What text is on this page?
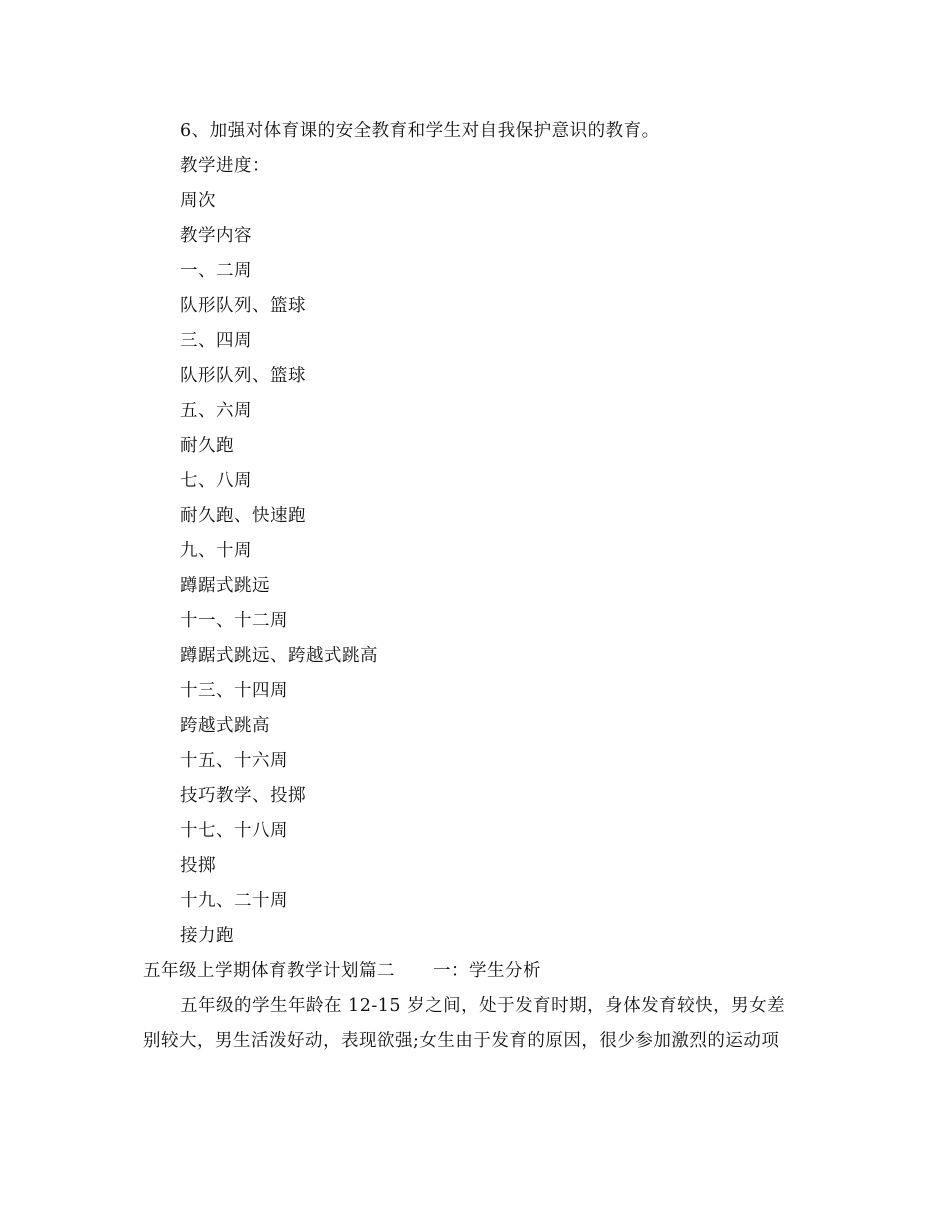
6、加强对体育课的安全教育和学生对自我保护意识的教育。
教学进度：
周次
教学内容
一、二周
队形队列、篮球
三、四周
队形队列、篮球
五、六周
耐久跑
七、八周
耐久跑、快速跑
九、十周
蹲踞式跳远
十一、十二周
蹲踞式跳远、跨越式跳高
十三、十四周
跨越式跳高
十五、十六周
技巧教学、投掷
十七、十八周
投掷
十九、二十周
接力跑
五年级上学期体育教学计划篇二 一：学生分析
五年级的学生年龄在 12-15 岁之间，处于发育时期，身体发育较快，男女差
别较大，男生活泼好动，表现欲强;女生由于发育的原因，很少参加激烈的运动项
